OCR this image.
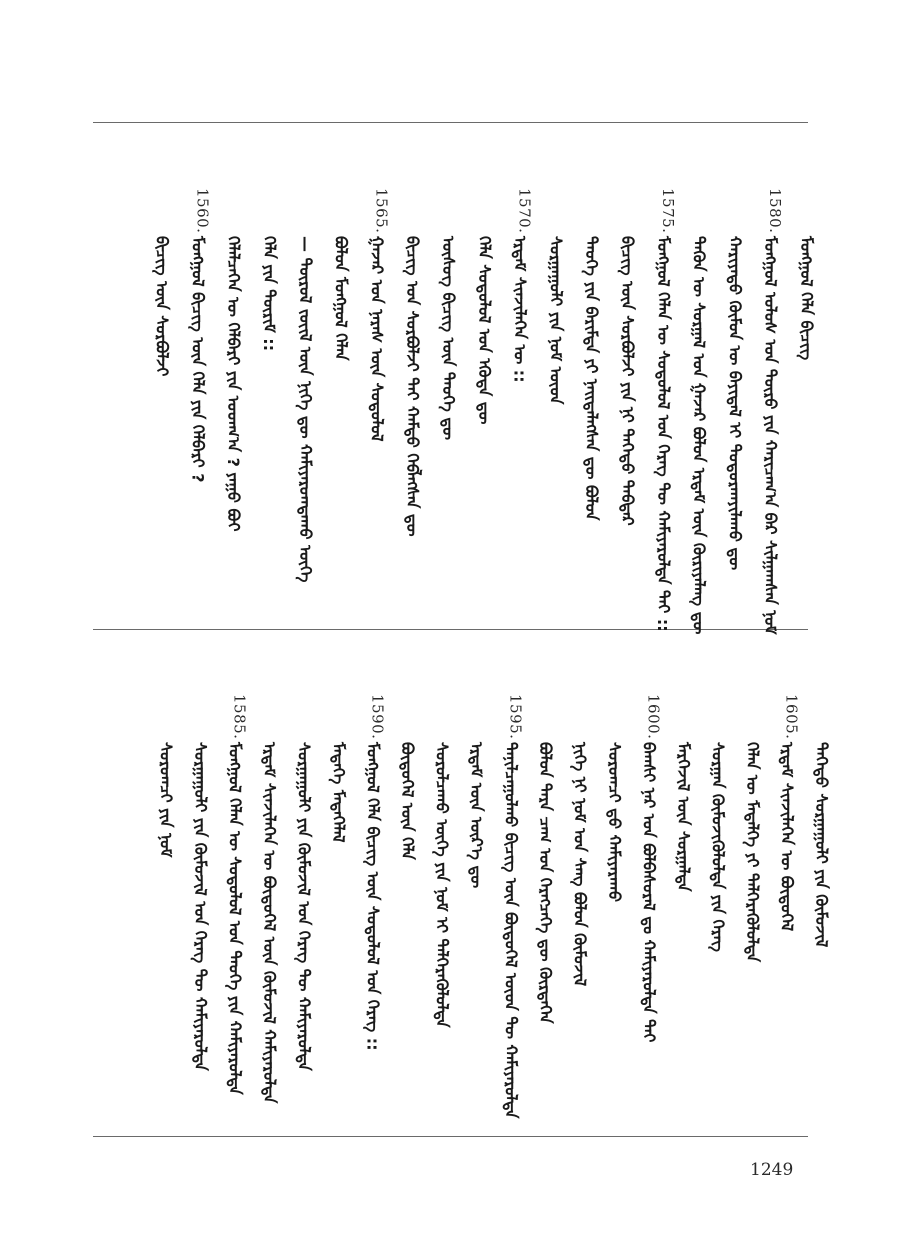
ᠮᠣᠩᠭᠣᠯ ᠬᠡᠯᠡ ᠪᠢᠴᠢᠭ
1580.
ᠮᠣᠩᠭᠣᠯ ᠤᠯᠤᠰ ᠤᠨ ᠲᠥᠷᠦ ᠶᠢᠨ ᠬᠠᠷᠢᠴᠠᠭ᠎ᠠ ᠪᠠᠷ ᠰᠢᠯᠭᠠᠭᠰᠠᠨ ᠨᠣᠮ
ᠬᠠᠷᠢᠶᠠᠲᠤ ᠬᠦᠮᠦᠨ ᠦ ᠪᠠᠶᠢᠳᠠᠯ ᠢ ᠲᠣᠳᠣᠷᠬᠠᠶᠢᠯᠠᠬᠤ ᠳᠦ
ᠲᠡᠭᠦᠨ ᠦ ᠰᠤᠷᠭᠠᠯ ᠤᠨ ᠭᠠᠵᠠᠷ ᠪᠣᠯᠤᠨ ᠡᠷᠳᠡᠮ ᠦᠨ ᠬᠦᠷᠢᠶᠡᠯᠡᠩ ᠳᠦ
1575.
ᠮᠣᠩᠭᠣᠯ ᠬᠡᠯᠡᠨ ᠦ ᠰᠤᠳᠤᠯᠤᠯ ᠤᠨ ᠬᠡᠷᠡᠭ ᠲᠦ ᠬᠠᠮᠢᠶᠠᠷᠤᠯᠲᠠ ᠲᠠᠢ ::
ᠪᠢᠴᠢᠭ ᠦᠨ ᠰᠤᠷᠪᠤᠯᠵᠢ ᠶᠢᠨ ᠨᠢ ᠳᠡᠭᠡᠳᠦ ᠳᠡᠪᠲᠡᠷ
ᠲᠡᠦᠬᠡ ᠶᠢᠨ ᠪᠠᠷᠢᠮᠲᠠ ᠶᠢ ᠨᠡᠢᠲᠡᠯᠡᠭᠰᠡᠨ ᠳᠦ ᠪᠣᠯᠤᠨ
ᠰᠤᠷᠭᠠᠭᠤᠯᠢ ᠶᠢᠨ ᠨᠣᠮ ᠦᠳ
1570.
ᠡᠷᠳᠡᠮ ᠰᠢᠨᠵᠢᠯᠡᠭᠡᠨ ᠦ ::
ᠬᠡᠯᠡ ᠰᠤᠳᠤᠯᠤᠯ ᠤᠨ ᠡᠭᠦᠳᠡ ᠳᠦ
ᠦᠰᠦᠭ ᠪᠢᠴᠢᠭ ᠦᠨ ᠲᠡᠦᠬᠡ ᠳᠦ
ᠪᠢᠴᠢᠭ ᠤᠨ ᠰᠤᠷᠪᠤᠯᠵᠢ ᠲᠠᠢ ᠬᠠᠮᠲᠤ ᠬᠡᠪᠯᠡᠭᠰᠡᠨ ᠳᠦ
1565.
ᠭᠠᠵᠠᠷ ᠤᠨ ᠨᠡᠷᠡᠰ ᠦᠨ ᠰᠤᠳᠤᠯᠤᠯ
ᠪᠣᠯᠤᠨ ᠮᠣᠩᠭᠣᠯ ᠬᠡᠯᠡᠨ
— ᠲᠥᠷᠥᠯ ᠵᠦᠢᠯ ᠦᠨ ᠨᠢᠭᠡ ᠳᠦ ᠬᠠᠮᠢᠶᠠᠷᠤᠭᠳᠠᠬᠤ ᠦᠭᠡ
ᠬᠡᠯᠡ ᠶᠢᠨ ᠳᠦᠷᠢᠮ ::
ᠬᠡᠯᠡᠯᠴᠡᠭᠡᠨ ᠦ ᠬᠡᠯᠪᠡᠷᠢ ᠶᠢᠨ ᠤᠳᠬ᠎ᠠ ? ᠶᠠᠭᠤ ᠪᠤᠢ
1560.
ᠮᠣᠩᠭᠣᠯ ᠪᠢᠴᠢᠭ ᠦᠨ ᠬᠡᠯᠡ ᠶᠢᠨ ᠬᠡᠯᠪᠡᠷᠢ ?
ᠪᠢᠴᠢᠭ᠌ ᠦᠨ ᠰᠤᠷᠪᠤᠯᠵᠢ
ᠳᠡᠭᠡᠳᠦ ᠰᠤᠷᠭᠠᠭᠤᠯᠢ ᠶᠢᠨ ᠬᠦᠮᠦᠵᠢᠯ
1605.
ᠡᠷᠳᠡᠮ ᠰᠢᠨᠵᠢᠯᠡᠭᠡᠨ ᠦ ᠪᠦᠲᠦᠭᠡᠯ
ᠬᠡᠯᠡᠨ ᠦ ᠮᠡᠳᠡᠯᠭᠡ ᠶᠢ ᠳᠡᠯᠭᠡᠷᠡᠭᠦᠯᠦᠯᠲᠡ
ᠰᠤᠷᠭᠠᠨ ᠬᠦᠮᠦᠵᠢᠭᠦᠯᠦᠯᠲᠡ ᠶᠢᠨ ᠬᠡᠷᠡᠭ
ᠮᠡᠷᠭᠡᠵᠢᠯ ᠦᠨ ᠰᠤᠷᠭᠠᠯᠲᠠ
1600.
ᠪᠠᠭᠰᠢ ᠨᠠᠷ ᠤᠨ ᠪᠣᠯᠪᠠᠰᠤᠷᠠᠯ ᠳᠤ ᠬᠠᠮᠢᠶᠠᠷᠤᠯᠲᠠ ᠲᠠᠢ
ᠰᠤᠷᠤᠭᠴᠢ ᠳ᠋ᠤ ᠬᠠᠮᠢᠶᠠᠷᠠᠬᠤ
ᠨᠢᠭᠡ ᠨᠢ ᠨᠣᠮ ᠤᠨ ᠰᠠᠩ ᠪᠣᠯᠤᠨ ᠬᠦᠮᠦᠵᠢᠯ
ᠪᠣᠯᠤᠨ ᠲᠡᠷᠡ ᠴᠠᠭ ᠤᠨ ᠬᠡᠷᠡᠭᠴᠡᠭᠡ ᠳᠦ ᠬᠦᠷᠲᠡᠭᠡᠨ
1595.
ᠲᠠᠨᠢᠯᠴᠠᠭᠤᠯᠬᠤ ᠪᠢᠴᠢᠭ ᠦᠨ ᠪᠦᠲᠦᠭᠡᠯ ᠦᠳ ᠲᠦ ᠬᠠᠮᠢᠶᠠᠷᠤᠯᠲᠠ
ᠡᠷᠳᠡᠮ ᠦᠨ ᠦᠷ᠎ᠡ ᠳᠦ
ᠰᠤᠷᠤᠯᠴᠠᠬᠤ ᠦᠭᠡ ᠶᠢᠨ ᠨᠣᠮ ᠢ ᠳᠡᠯᠭᠡᠷᠡᠭᠦᠯᠦᠯᠲᠡ
ᠪᠦᠲᠦᠭᠡᠯ ᠦᠨ ᠬᠡᠯᠡ
1590.
ᠮᠣᠩᠭᠣᠯ ᠬᠡᠯᠡ ᠪᠢᠴᠢᠭ ᠦᠨ ᠰᠤᠳᠤᠯᠤᠯ ᠤᠨ ᠬᠡᠷᠡᠭ ::
ᠮᠡᠳᠡᠭᠡ ᠮᠡᠳᠡᠭᠡᠯᠡᠯ
ᠰᠤᠷᠭᠠᠭᠤᠯᠢ ᠶᠢᠨ ᠬᠦᠮᠦᠵᠢᠯ ᠤᠨ ᠬᠡᠷᠡᠭ ᠲᠦ ᠬᠠᠮᠢᠶᠠᠷᠤᠯᠲᠠ
ᠡᠷᠳᠡᠮ ᠰᠢᠨᠵᠢᠯᠡᠭᠡᠨ ᠦ ᠪᠦᠲᠦᠭᠡᠯ ᠦᠨ ᠬᠦᠮᠦᠵᠢᠯ ᠬᠠᠮᠢᠶᠠᠷᠤᠯᠲᠠ
1585.
ᠮᠣᠩᠭᠣᠯ ᠬᠡᠯᠡᠨ ᠦ ᠰᠤᠳᠤᠯᠤᠯ ᠤᠨ ᠲᠡᠦᠬᠡ ᠶᠢᠨ ᠬᠠᠮᠢᠶᠠᠷᠤᠯᠲᠠ
ᠰᠤᠷᠭᠠᠭᠤᠯᠢ ᠶᠢᠨ ᠬᠦᠮᠦᠵᠢᠯ ᠤᠨ ᠬᠡᠷᠡᠭ ᠲᠦ ᠬᠠᠮᠢᠶᠠᠷᠤᠯᠲᠠ
ᠰᠤᠷᠤᠭᠴᠢ ᠶᠢᠨ ᠨᠣᠮ
1249
